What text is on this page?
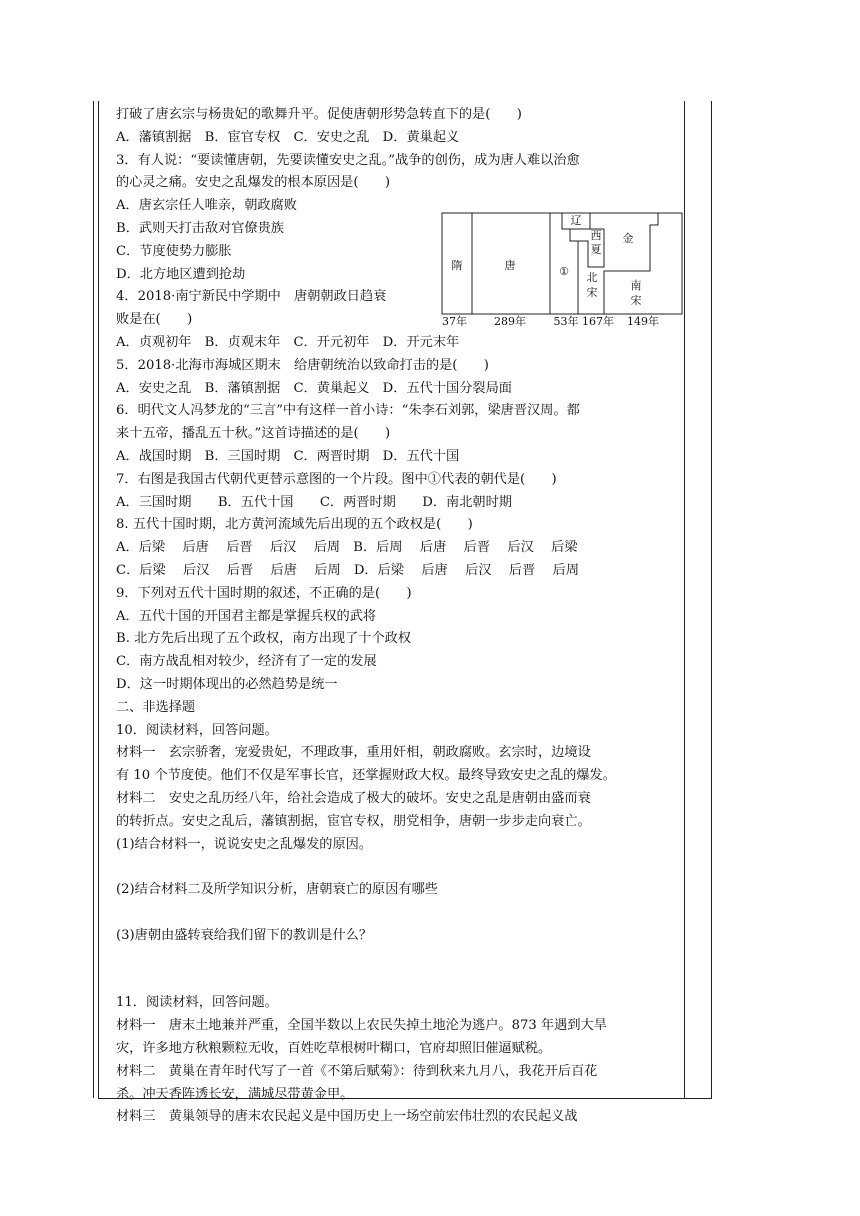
打破了唐玄宗与杨贵妃的歌舞升平。促使唐朝形势急转直下的是(　　)
A．藩镇割据　B．宦官专权　C．安史之乱　D．黄巢起义
3．有人说：“要读懂唐朝，先要读懂安史之乱。”战争的创伤，成为唐人难以治愈
的心灵之痛。安史之乱爆发的根本原因是(　　)
A．唐玄宗任人唯亲，朝政腐败
B．武则天打击敌对官僚贵族
C．节度使势力膨胀
D．北方地区遭到抢劫
4．2018·南宁新民中学期中　唐朝朝政日趋衰
败是在(　　)
A．贞观初年　B．贞观末年　C．开元初年　D．开元末年
5．2018·北海市海城区期末　给唐朝统治以致命打击的是(　　)
A．安史之乱　B．藩镇割据　C．黄巢起义　D．五代十国分裂局面
6．明代文人冯梦龙的“三言”中有这样一首小诗：“朱李石刘郭，梁唐晋汉周。都
来十五帝，播乱五十秋。”这首诗描述的是(　　)
A．战国时期　B．三国时期　C．两晋时期　D．五代十国
7．右图是我国古代朝代更替示意图的一个片段。图中①代表的朝代是(　　)
A．三国时期　　B．五代十国　　C．两晋时期　　D．南北朝时期
8. 五代十国时期，北方黄河流域先后出现的五个政权是(　　)
A．后梁　 后唐　 后晋　 后汉　 后周　B．后周　 后唐　 后晋　 后汉　 后梁
C．后梁　 后汉　 后晋　 后唐　 后周　D．后梁　 后唐　 后汉　 后晋　 后周
9．下列对五代十国时期的叙述，不正确的是(　　)
A．五代十国的开国君主都是掌握兵权的武将
B. 北方先后出现了五个政权，南方出现了十个政权
C．南方战乱相对较少，经济有了一定的发展
D．这一时期体现出的必然趋势是统一
二、非选择题
10．阅读材料，回答问题。
材料一　玄宗骄奢，宠爱贵妃，不理政事，重用奸相，朝政腐败。玄宗时，边境设
有 10 个节度使。他们不仅是军事长官，还掌握财政大权。最终导致安史之乱的爆发。
材料二　安史之乱历经八年，给社会造成了极大的破坏。安史之乱是唐朝由盛而衰
的转折点。安史之乱后，藩镇割据，宦官专权，朋党相争，唐朝一步步走向衰亡。
(1)结合材料一，说说安史之乱爆发的原因。
(2)结合材料二及所学知识分析，唐朝衰亡的原因有哪些
(3)唐朝由盛转衰给我们留下的教训是什么？
11．阅读材料，回答问题。
材料一　唐末土地兼并严重，全国半数以上农民失掉土地沦为逃户。873 年遇到大旱
灾，许多地方秋粮颗粒无收，百姓吃草根树叶糊口，官府却照旧催逼赋税。
材料二　黄巢在青年时代写了一首《不第后赋菊》：待到秋来九月八，我花开后百花
杀。冲天香阵透长安，满城尽带黄金甲。
材料三　黄巢领导的唐末农民起义是中国历史上一场空前宏伟壮烈的农民起义战
隋	唐	① 北
宋
南
宋
辽
西
夏
金
37年 289年	53年 167年 149年
